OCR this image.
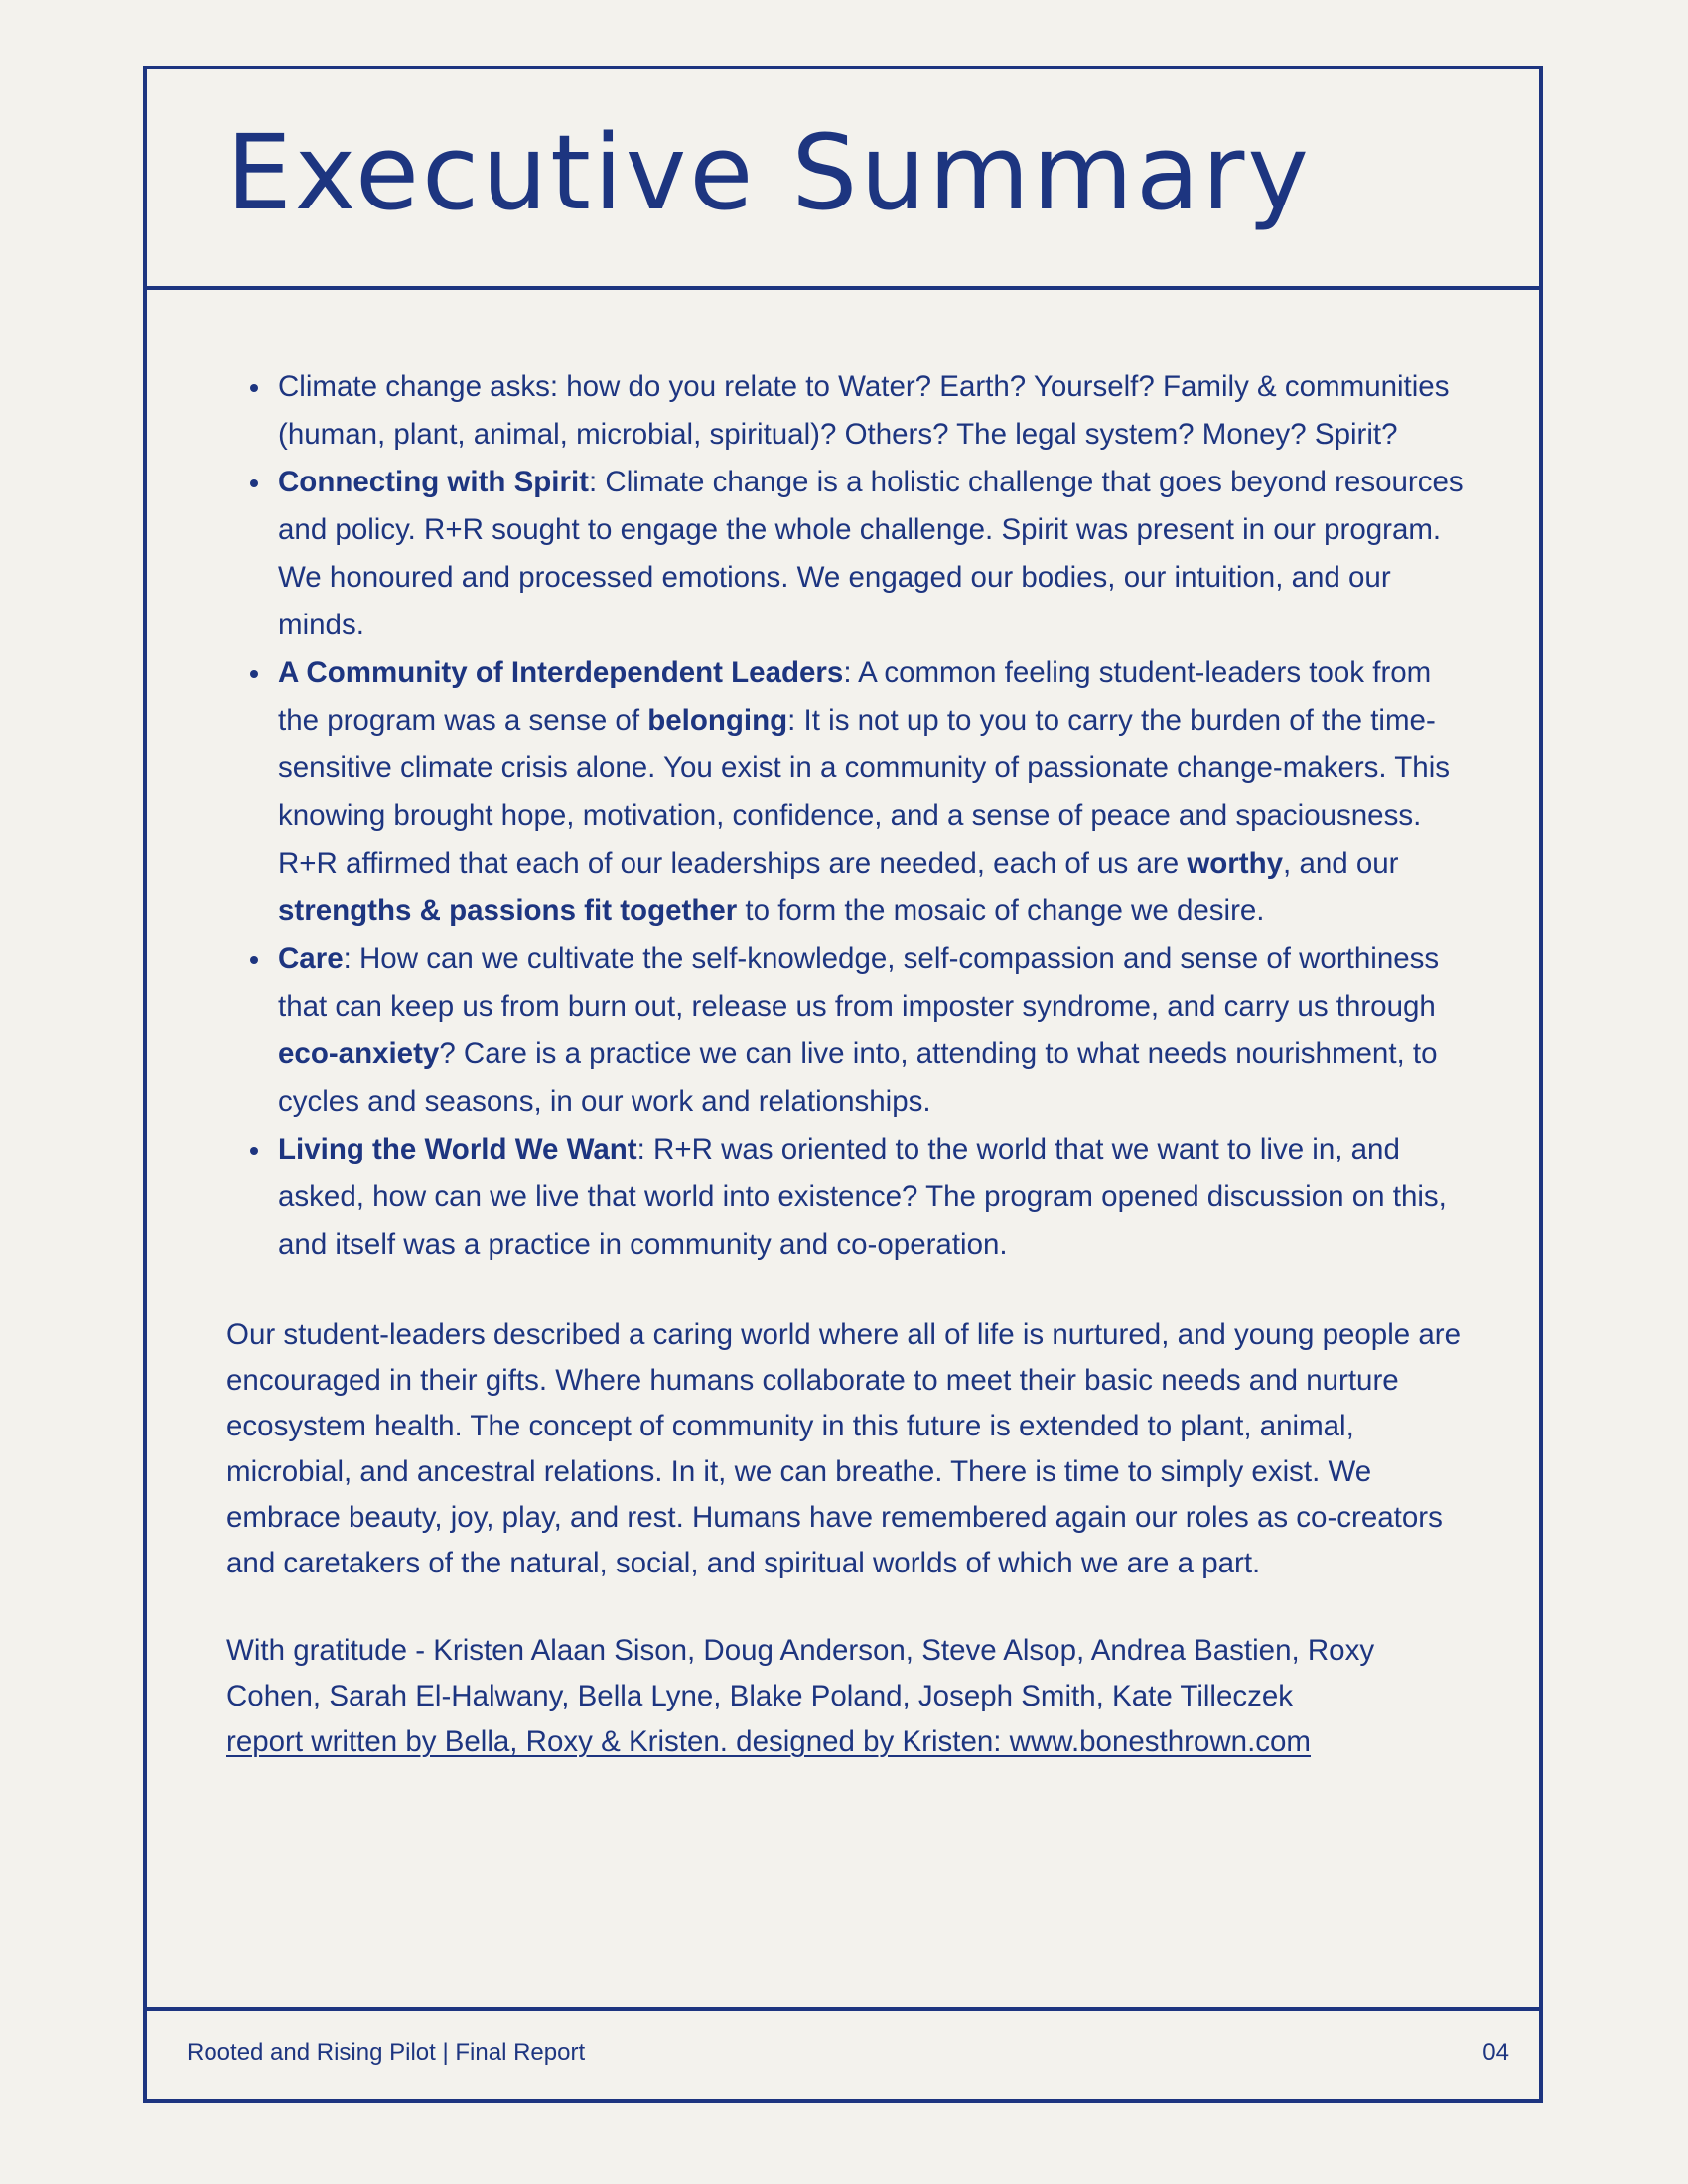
Executive Summary
Climate change asks: how do you relate to Water? Earth? Yourself? Family & communities (human, plant, animal, microbial, spiritual)? Others? The legal system? Money? Spirit?
Connecting with Spirit: Climate change is a holistic challenge that goes beyond resources and policy. R+R sought to engage the whole challenge. Spirit was present in our program. We honoured and processed emotions. We engaged our bodies, our intuition, and our minds.
A Community of Interdependent Leaders: A common feeling student-leaders took from the program was a sense of belonging: It is not up to you to carry the burden of the time-sensitive climate crisis alone. You exist in a community of passionate change-makers. This knowing brought hope, motivation, confidence, and a sense of peace and spaciousness. R+R affirmed that each of our leaderships are needed, each of us are worthy, and our strengths & passions fit together to form the mosaic of change we desire.
Care: How can we cultivate the self-knowledge, self-compassion and sense of worthiness that can keep us from burn out, release us from imposter syndrome, and carry us through eco-anxiety? Care is a practice we can live into, attending to what needs nourishment, to cycles and seasons, in our work and relationships.
Living the World We Want: R+R was oriented to the world that we want to live in, and asked, how can we live that world into existence? The program opened discussion on this, and itself was a practice in community and co-operation.

Our student-leaders described a caring world where all of life is nurtured, and young people are encouraged in their gifts. Where humans collaborate to meet their basic needs and nurture ecosystem health. The concept of community in this future is extended to plant, animal, microbial, and ancestral relations. In it, we can breathe. There is time to simply exist. We embrace beauty, joy, play, and rest. Humans have remembered again our roles as co-creators and caretakers of the natural, social, and spiritual worlds of which we are a part.

With gratitude - Kristen Alaan Sison, Doug Anderson, Steve Alsop, Andrea Bastien, Roxy Cohen, Sarah El-Halwany, Bella Lyne, Blake Poland, Joseph Smith, Kate Tilleczek
report written by Bella, Roxy & Kristen. designed by Kristen: www.bonesthrown.com

Rooted and Rising Pilot | Final Report	04
